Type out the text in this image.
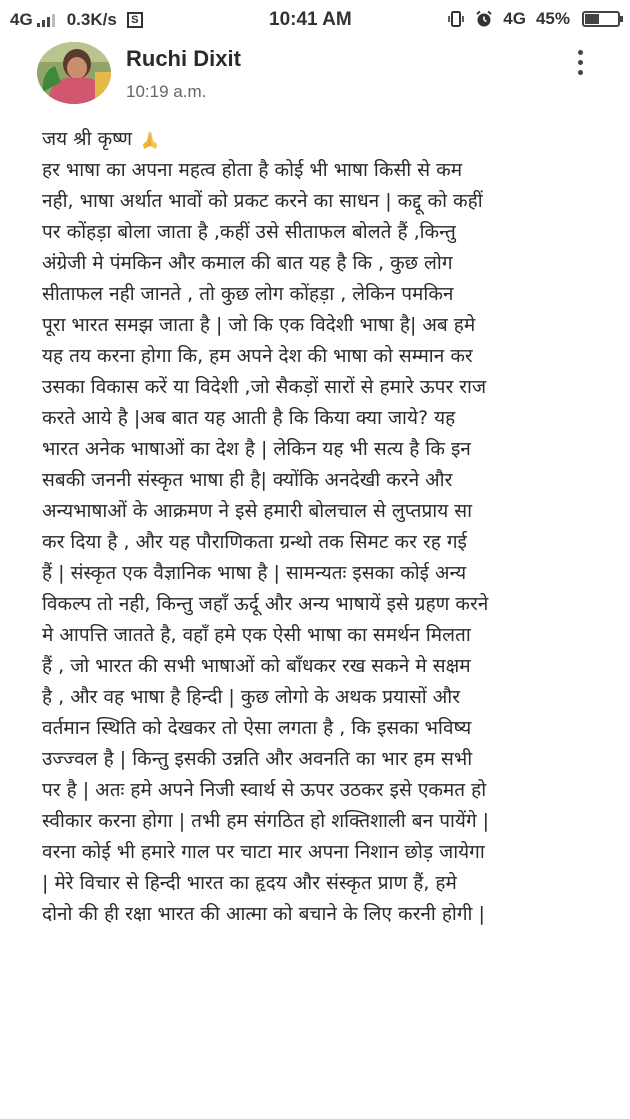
4G 0.3K/s	S	10:41 AM	4G 45%
Ruchi Dixit
10:19 a.m.
जय श्री कृष्ण
हर भाषा का अपना महत्व होता है कोई भी भाषा किसी से कम
नही, भाषा अर्थात भावों को प्रकट करने का साधन | कद्दू को कहीं
पर कोंहड़ा बोला जाता है ,कहीं उसे सीताफल बोलते हैं ,किन्तु
अंग्रेजी मे पंमकिन और कमाल की बात यह है कि , कुछ लोग
सीताफल नही जानते , तो कुछ लोग कोंहड़ा , लेकिन पमकिन
पूरा भारत समझ जाता है | जो कि एक विदेशी भाषा है| अब हमे
यह तय करना होगा कि, हम अपने देश की भाषा को सम्मान कर
उसका विकास करें या विदेशी ,जो सैकड़ों सारों से हमारे ऊपर राज
करते आये है |अब बात यह आती है कि किया क्या जाये? यह
भारत अनेक भाषाओं का देश है | लेकिन यह भी सत्य है कि इन
सबकी जननी संस्कृत भाषा ही है| क्योंकि अनदेखी करने और
अन्यभाषाओं के आक्रमण ने इसे हमारी बोलचाल से लुप्तप्राय सा
कर दिया है , और यह पौराणिकता ग्रन्थो तक सिमट कर रह गई
हैं | संस्कृत एक वैज्ञानिक भाषा है | सामन्यतः इसका कोई अन्य
विकल्प तो नही, किन्तु जहाँ ऊर्दू और अन्य भाषायें इसे ग्रहण करने
मे आपत्ति जातते है, वहाँ हमे एक ऐसी भाषा का समर्थन मिलता
हैं , जो भारत की सभी भाषाओं को बाँधकर रख सकने मे सक्षम
है , और वह भाषा है हिन्दी | कुछ लोगो के अथक प्रयासों और
वर्तमान स्थिति को देखकर तो ऐसा लगता है , कि इसका भविष्य
उज्ज्वल है | किन्तु इसकी उन्नति और अवनति का भार हम सभी
पर है | अतः हमे अपने निजी स्वार्थ से ऊपर उठकर इसे एकमत हो
स्वीकार करना होगा | तभी हम संगठित हो शक्तिशाली बन पायेंगे |
वरना कोई भी हमारे गाल पर चाटा मार अपना निशान छोड़ जायेगा
| मेरे विचार से हिन्दी भारत का हृदय और संस्कृत प्राण हैं, हमे
दोनो की ही रक्षा भारत की आत्मा को बचाने के लिए करनी होगी |
